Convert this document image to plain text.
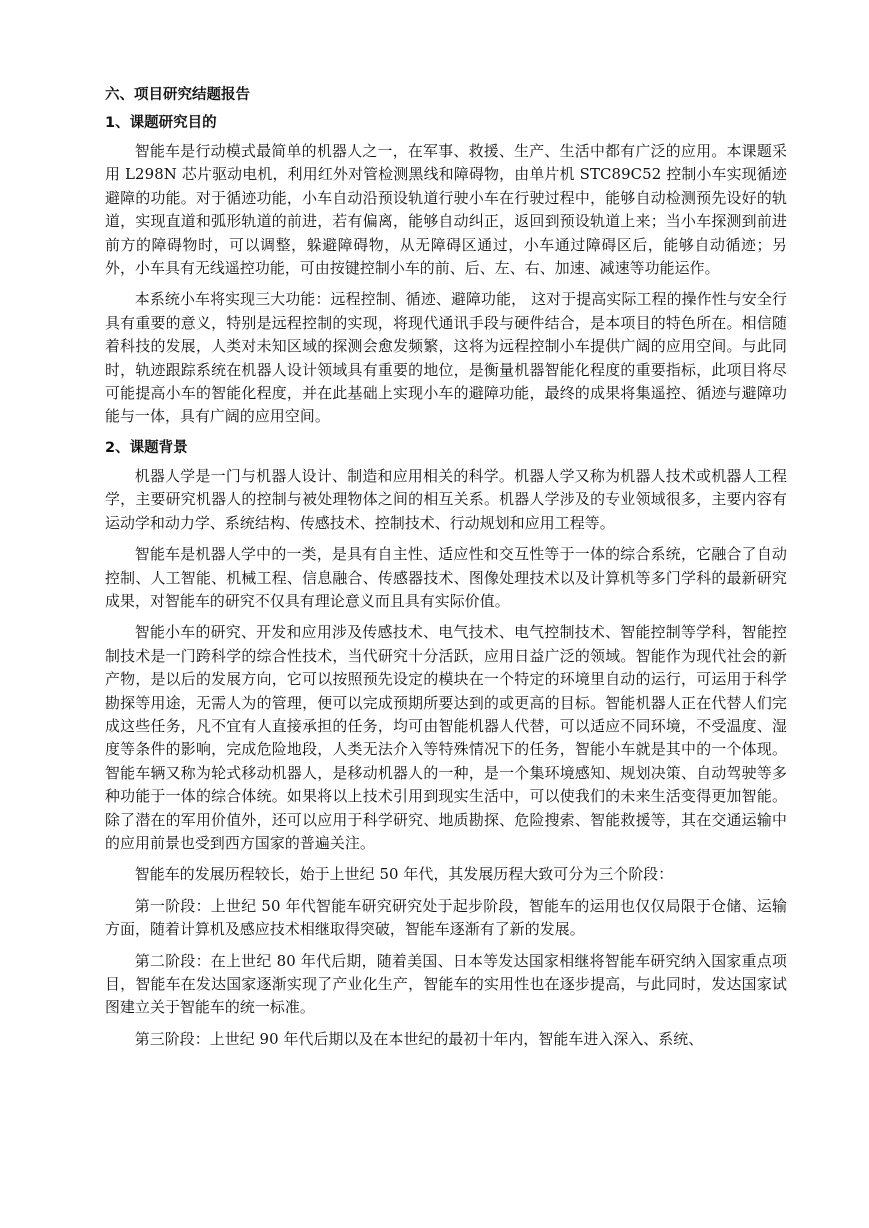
六、项目研究结题报告
1、课题研究目的

智能车是行动模式最简单的机器人之一，在军事、救援、生产、生活中都有广泛的应用。本课题采用 L298N 芯片驱动电机，利用红外对管检测黑线和障碍物，由单片机 STC89C52 控制小车实现循迹避障的功能。对于循迹功能，小车自动沿预设轨道行驶小车在行驶过程中，能够自动检测预先设好的轨道，实现直道和弧形轨道的前进，若有偏离，能够自动纠正，返回到预设轨道上来；当小车探测到前进前方的障碍物时，可以调整，躲避障碍物，从无障碍区通过，小车通过障碍区后，能够自动循迹；另外，小车具有无线遥控功能，可由按键控制小车的前、后、左、右、加速、减速等功能运作。

本系统小车将实现三大功能：远程控制、循迹、避障功能， 这对于提高实际工程的操作性与安全行具有重要的意义，特别是远程控制的实现，将现代通讯手段与硬件结合，是本项目的特色所在。相信随着科技的发展，人类对未知区域的探测会愈发频繁，这将为远程控制小车提供广阔的应用空间。与此同时，轨迹跟踪系统在机器人设计领域具有重要的地位，是衡量机器智能化程度的重要指标，此项目将尽可能提高小车的智能化程度，并在此基础上实现小车的避障功能，最终的成果将集遥控、循迹与避障功能与一体，具有广阔的应用空间。

2、课题背景

机器人学是一门与机器人设计、制造和应用相关的科学。机器人学又称为机器人技术或机器人工程学，主要研究机器人的控制与被处理物体之间的相互关系。机器人学涉及的专业领域很多，主要内容有运动学和动力学、系统结构、传感技术、控制技术、行动规划和应用工程等。

智能车是机器人学中的一类，是具有自主性、适应性和交互性等于一体的综合系统，它融合了自动控制、人工智能、机械工程、信息融合、传感器技术、图像处理技术以及计算机等多门学科的最新研究成果，对智能车的研究不仅具有理论意义而且具有实际价值。

智能小车的研究、开发和应用涉及传感技术、电气技术、电气控制技术、智能控制等学科，智能控制技术是一门跨科学的综合性技术，当代研究十分活跃，应用日益广泛的领域。智能作为现代社会的新产物，是以后的发展方向，它可以按照预先设定的模块在一个特定的环境里自动的运行，可运用于科学勘探等用途，无需人为的管理，便可以完成预期所要达到的或更高的目标。智能机器人正在代替人们完成这些任务，凡不宜有人直接承担的任务，均可由智能机器人代替，可以适应不同环境，不受温度、湿度等条件的影响，完成危险地段，人类无法介入等特殊情况下的任务，智能小车就是其中的一个体现。智能车辆又称为轮式移动机器人，是移动机器人的一种，是一个集环境感知、规划决策、自动驾驶等多种功能于一体的综合体统。如果将以上技术引用到现实生活中，可以使我们的未来生活变得更加智能。除了潜在的军用价值外，还可以应用于科学研究、地质勘探、危险搜索、智能救援等，其在交通运输中的应用前景也受到西方国家的普遍关注。

智能车的发展历程较长，始于上世纪 50 年代，其发展历程大致可分为三个阶段：

第一阶段：上世纪 50 年代智能车研究研究处于起步阶段，智能车的运用也仅仅局限于仓储、运输方面，随着计算机及感应技术相继取得突破，智能车逐渐有了新的发展。

第二阶段：在上世纪 80 年代后期，随着美国、日本等发达国家相继将智能车研究纳入国家重点项目，智能车在发达国家逐渐实现了产业化生产，智能车的实用性也在逐步提高，与此同时，发达国家试图建立关于智能车的统一标准。

第三阶段：上世纪 90 年代后期以及在本世纪的最初十年内，智能车进入深入、系统、
